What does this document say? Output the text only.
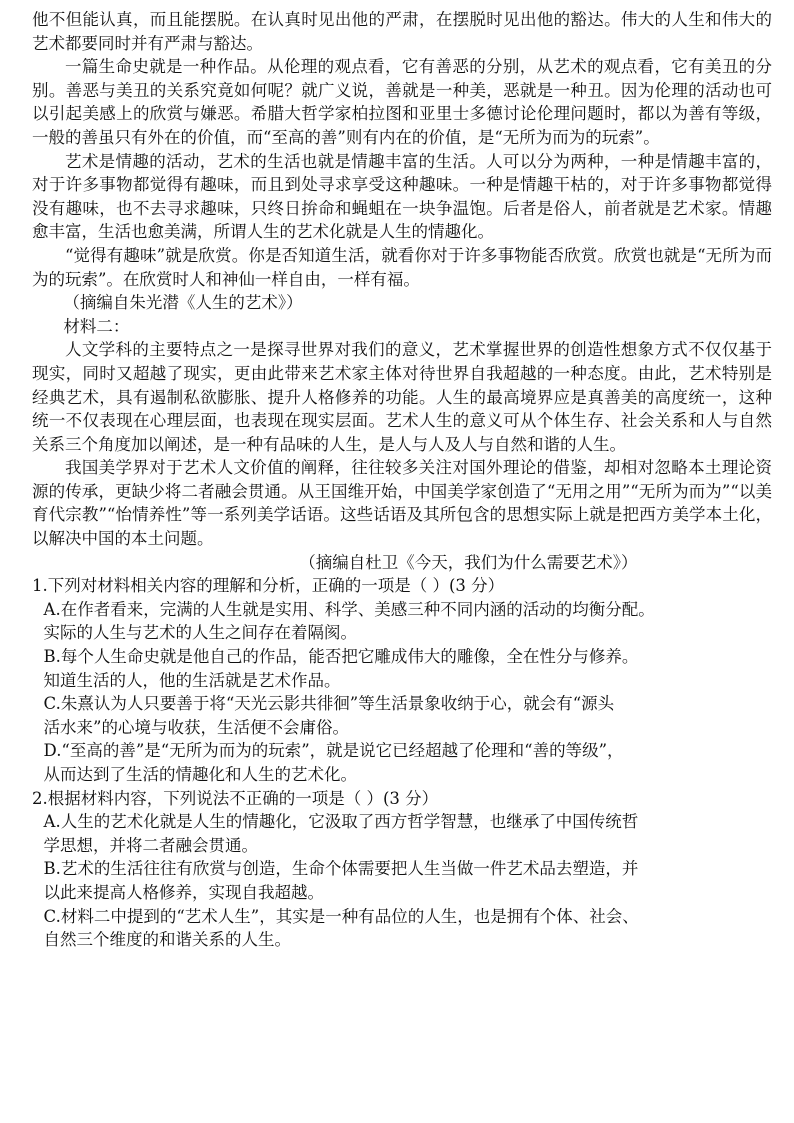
他不但能认真，而且能摆脱。在认真时见出他的严肃，在摆脱时见出他的豁达。伟大的人生和伟大的艺术都要同时并有严肃与豁达。

一篇生命史就是一种作品。从伦理的观点看，它有善恶的分别，从艺术的观点看，它有美丑的分别。善恶与美丑的关系究竟如何呢？就广义说，善就是一种美，恶就是一种丑。因为伦理的活动也可以引起美感上的欣赏与嫌恶。希腊大哲学家柏拉图和亚里士多德讨论伦理问题时，都以为善有等级，一般的善虽只有外在的价值，而“至高的善”则有内在的价值，是“无所为而为的玩索”。

艺术是情趣的活动，艺术的生活也就是情趣丰富的生活。人可以分为两种，一种是情趣丰富的，对于许多事物都觉得有趣味，而且到处寻求享受这种趣味。一种是情趣干枯的，对于许多事物都觉得没有趣味，也不去寻求趣味，只终日拚命和蝇蛆在一块争温饱。后者是俗人，前者就是艺术家。情趣愈丰富，生活也愈美满，所谓人生的艺术化就是人生的情趣化。

“觉得有趣味”就是欣赏。你是否知道生活，就看你对于许多事物能否欣赏。欣赏也就是“无所为而为的玩索”。在欣赏时人和神仙一样自由，一样有福。

（摘编自朱光潜《人生的艺术》）

材料二：

人文学科的主要特点之一是探寻世界对我们的意义，艺术掌握世界的创造性想象方式不仅仅基于现实，同时又超越了现实，更由此带来艺术家主体对待世界自我超越的一种态度。由此，艺术特别是经典艺术，具有遏制私欲膨胀、提升人格修养的功能。人生的最高境界应是真善美的高度统一，这种统一不仅表现在心理层面，也表现在现实层面。艺术人生的意义可从个体生存、社会关系和人与自然关系三个角度加以阐述，是一种有品味的人生，是人与人及人与自然和谐的人生。

我国美学界对于艺术人文价值的阐释，往往较多关注对国外理论的借鉴，却相对忽略本土理论资源的传承，更缺少将二者融会贯通。从王国维开始，中国美学家创造了“无用之用”“无所为而为”“以美育代宗教”“怡情养性”等一系列美学话语。这些话语及其所包含的思想实际上就是把西方美学本土化，以解决中国的本土问题。

（摘编自杜卫《今天，我们为什么需要艺术》）

1.下列对材料相关内容的理解和分析，正确的一项是（ ）(3 分）

A.在作者看来，完满的人生就是实用、科学、美感三种不同内涵的活动的均衡分配。
实际的人生与艺术的人生之间存在着隔阂。

B.每个人生命史就是他自己的作品，能否把它雕成伟大的雕像，全在性分与修养。
知道生活的人，他的生活就是艺术作品。

C.朱熹认为人只要善于将“天光云影共徘徊”等生活景象收纳于心，就会有“源头
活水来”的心境与收获，生活便不会庸俗。

D.“至高的善”是“无所为而为的玩索”，就是说它已经超越了伦理和“善的等级”，
从而达到了生活的情趣化和人生的艺术化。

2.根据材料内容，下列说法不正确的一项是（ ）(3 分）

A.人生的艺术化就是人生的情趣化，它汲取了西方哲学智慧，也继承了中国传统哲
学思想，并将二者融会贯通。

B.艺术的生活往往有欣赏与创造，生命个体需要把人生当做一件艺术品去塑造，并
以此来提高人格修养，实现自我超越。

C.材料二中提到的“艺术人生”，其实是一种有品位的人生，也是拥有个体、社会、
自然三个维度的和谐关系的人生。
